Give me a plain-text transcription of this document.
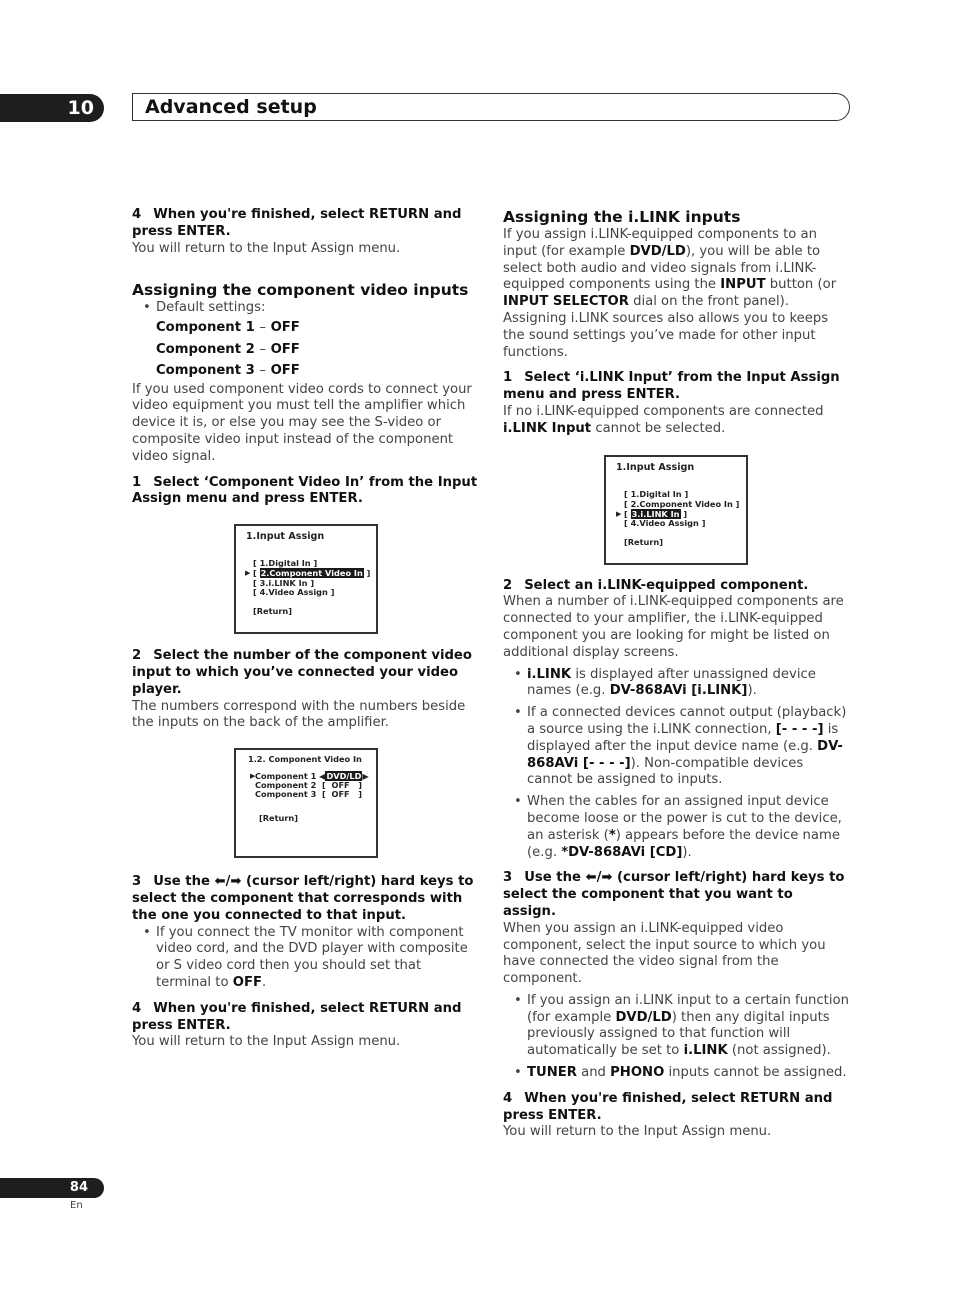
10	Advanced setup

4 When you're finished, select RETURN and press ENTER.

You will return to the Input Assign menu.

Assigning the component video inputs

• Default settings:

Component 1 – OFF
Component 2 – OFF
Component 3 – OFF

If you used component video cords to connect your video equipment you must tell the amplifier which device it is, or else you may see the S-video or composite video input instead of the component video signal.

1 Select ‘Component Video In’ from the Input Assign menu and press ENTER.

1.Input Assign
[ 1.Digital In ]
▶ [ 2.Component Video In ]
[ 3.i.LINK In ]
[ 4.Video Assign ]
[Return]

2 Select the number of the component video input to which you’ve connected your video player.

The numbers correspond with the numbers beside the inputs on the back of the amplifier.

1.2. Component Video In
▶ Component 1 ◀DVD/LD▶
Component 2  [  OFF   ]
Component 3  [  OFF   ]
[Return]

3 Use the ⬅/➡ (cursor left/right) hard keys to select the component that corresponds with the one you connected to that input.

• If you connect the TV monitor with component video cord, and the DVD player with composite or S video cord then you should set that terminal to OFF.

4 When you're finished, select RETURN and press ENTER.

You will return to the Input Assign menu.

Assigning the i.LINK inputs

If you assign i.LINK-equipped components to an input (for example DVD/LD), you will be able to select both audio and video signals from i.LINK-equipped components using the INPUT button (or INPUT SELECTOR dial on the front panel). Assigning i.LINK sources also allows you to keeps the sound settings you’ve made for other input functions.

1 Select ‘i.LINK Input’ from the Input Assign menu and press ENTER.

If no i.LINK-equipped components are connected i.LINK Input cannot be selected.

1.Input Assign
[ 1.Digital In ]
[ 2.Component Video In ]
▶ [ 3.i.LINK In ]
[ 4.Video Assign ]
[Return]

2 Select an i.LINK-equipped component.

When a number of i.LINK-equipped components are connected to your amplifier, the i.LINK-equipped component you are looking for might be listed on additional display screens.

• i.LINK is displayed after unassigned device names (e.g. DV-868AVi [i.LINK]).

• If a connected devices cannot output (playback) a source using the i.LINK connection, [- - - -] is displayed after the input device name (e.g. DV-868AVi [- - - -]). Non-compatible devices cannot be assigned to inputs.

• When the cables for an assigned input device become loose or the power is cut to the device, an asterisk (*) appears before the device name (e.g. *DV-868AVi [CD]).

3 Use the ⬅/➡ (cursor left/right) hard keys to select the component that you want to assign.

When you assign an i.LINK-equipped video component, select the input source to which you have connected the video signal from the component.

• If you assign an i.LINK input to a certain function (for example DVD/LD) then any digital inputs previously assigned to that function will automatically be set to i.LINK (not assigned).

• TUNER and PHONO inputs cannot be assigned.

4 When you're finished, select RETURN and press ENTER.

You will return to the Input Assign menu.

84
En
